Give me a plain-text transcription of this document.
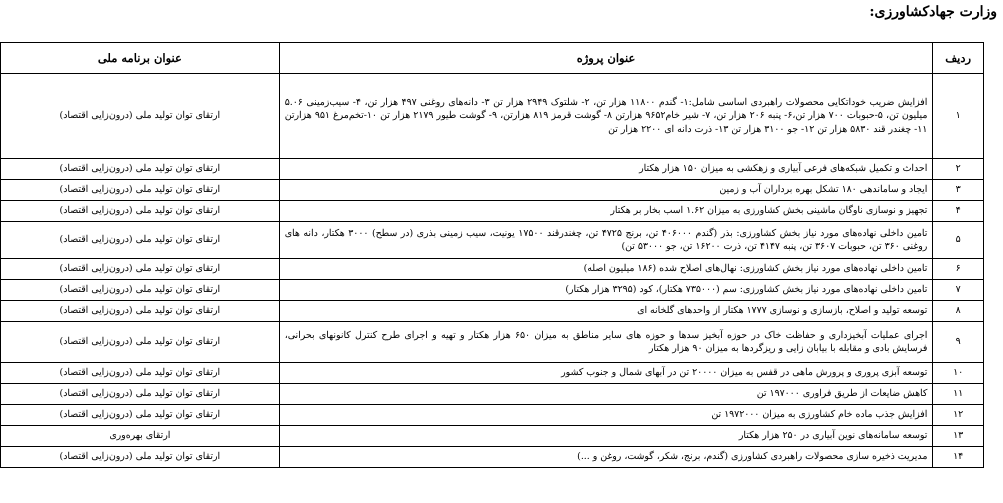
وزارت جهادکشاورزی:
ردیف	عنوان پروژه	عنوان برنامه ملی
۱	افزایش ضریب خوداتکایی محصولات راهبردی اساسی شامل:۱- گندم ۱۱۸۰۰ هزار تن، ۲- شلتوک ۲۹۴۹ هزار تن ۳- دانه‌های روغنی ۴۹۷ هزار تن، ۴- سیب‌زمینی ۵.۰۶ میلیون تن، ۵-حبوبات ۷۰۰ هزار تن،۶- پنبه ۲۰۶ هزار تن، ۷- شیر خام۹۶۵۲ هزارتن ۸- گوشت قرمز ۸۱۹ هزارتن، ۹- گوشت طیور ۲۱۷۹ هزار تن ۱۰-تخم‌مرغ ۹۵۱ هزارتن ۱۱- چغندر قند ۵۸۳۰ هزار تن ۱۲- جو ۳۱۰۰ هزار تن ۱۳- ذرت دانه ای ۲۲۰۰ هزار تن	ارتقای توان تولید ملی (درون‌زایی اقتصاد)
۲	احداث و تکمیل شبکه‌های فرعی آبیاری و زهکشی به میزان ۱۵۰ هزار هکتار	ارتقای توان تولید ملی (درون‌زایی اقتصاد)
۳	ایجاد و ساماندهی ۱۸۰ تشکل بهره برداران آب و زمین	ارتقای توان تولید ملی (درون‌زایی اقتصاد)
۴	تجهیز و نوسازی ناوگان ماشینی بخش کشاورزی به میزان ۱.۶۲ اسب بخار بر هکتار	ارتقای توان تولید ملی (درون‌زایی اقتصاد)
۵	تامین داخلی نهاده‌های مورد نیاز بخش کشاورزی: بذر (گندم ۴۰۶۰۰۰ تن، برنج ۴۷۲۵ تن، چغندرقند ۱۷۵۰۰ یونیت، سیب زمینی بذری (در سطح) ۳۰۰۰ هکتار، دانه های روغنی ۳۶۰ تن، حبوبات ۳۶۰۷ تن، پنبه ۴۱۴۷ تن، ذرت ۱۶۲۰۰ تن، جو ۵۳۰۰۰ تن)	ارتقای توان تولید ملی (درون‌زایی اقتصاد)
۶	تامین داخلی نهاده‌های مورد نیاز بخش کشاورزی: نهال‌های اصلاح شده (۱۸۶ میلیون اصله)	ارتقای توان تولید ملی (درون‌زایی اقتصاد)
۷	تامین داخلی نهاده‌های مورد نیاز بخش کشاورزی: سم (۷۳۵۰۰۰ هکتار)، کود (۳۲۹۵ هزار هکتار)	ارتقای توان تولید ملی (درون‌زایی اقتصاد)
۸	توسعه تولید و اصلاح، بازسازی و نوسازی ۱۷۷۷ هکتار از واحدهای گلخانه ای	ارتقای توان تولید ملی (درون‌زایی اقتصاد)
۹	اجرای عملیات آبخیزداری و حفاظت خاک در حوزه آبخیز سدها و حوزه های سایر مناطق به میزان ۶۵۰ هزار هکتار و تهیه و اجرای طرح کنترل کانونهای بحرانی، فرسایش بادی و مقابله با بیابان زایی و ریزگردها به میزان ۹۰ هزار هکتار	ارتقای توان تولید ملی (درون‌زایی اقتصاد)
۱۰	توسعه آبزی پروری و پرورش ماهی در قفس به میزان ۲۰۰۰۰ تن در آبهای شمال و جنوب کشور	ارتقای توان تولید ملی (درون‌زایی اقتصاد)
۱۱	کاهش ضایعات از طریق فراوری ۱۹۷۰۰۰ تن	ارتقای توان تولید ملی (درون‌زایی اقتصاد)
۱۲	افزایش جذب ماده خام کشاورزی به میزان ۱۹۷۲۰۰۰ تن	ارتقای توان تولید ملی (درون‌زایی اقتصاد)
۱۳	توسعه سامانه‌های نوین آبیاری در ۲۵۰ هزار هکتار	ارتقای بهره‌وری
۱۴	مدیریت ذخیره سازی محصولات راهبردی کشاورزی (گندم، برنج، شکر، گوشت، روغن و ...)	ارتقای توان تولید ملی (درون‌زایی اقتصاد)
